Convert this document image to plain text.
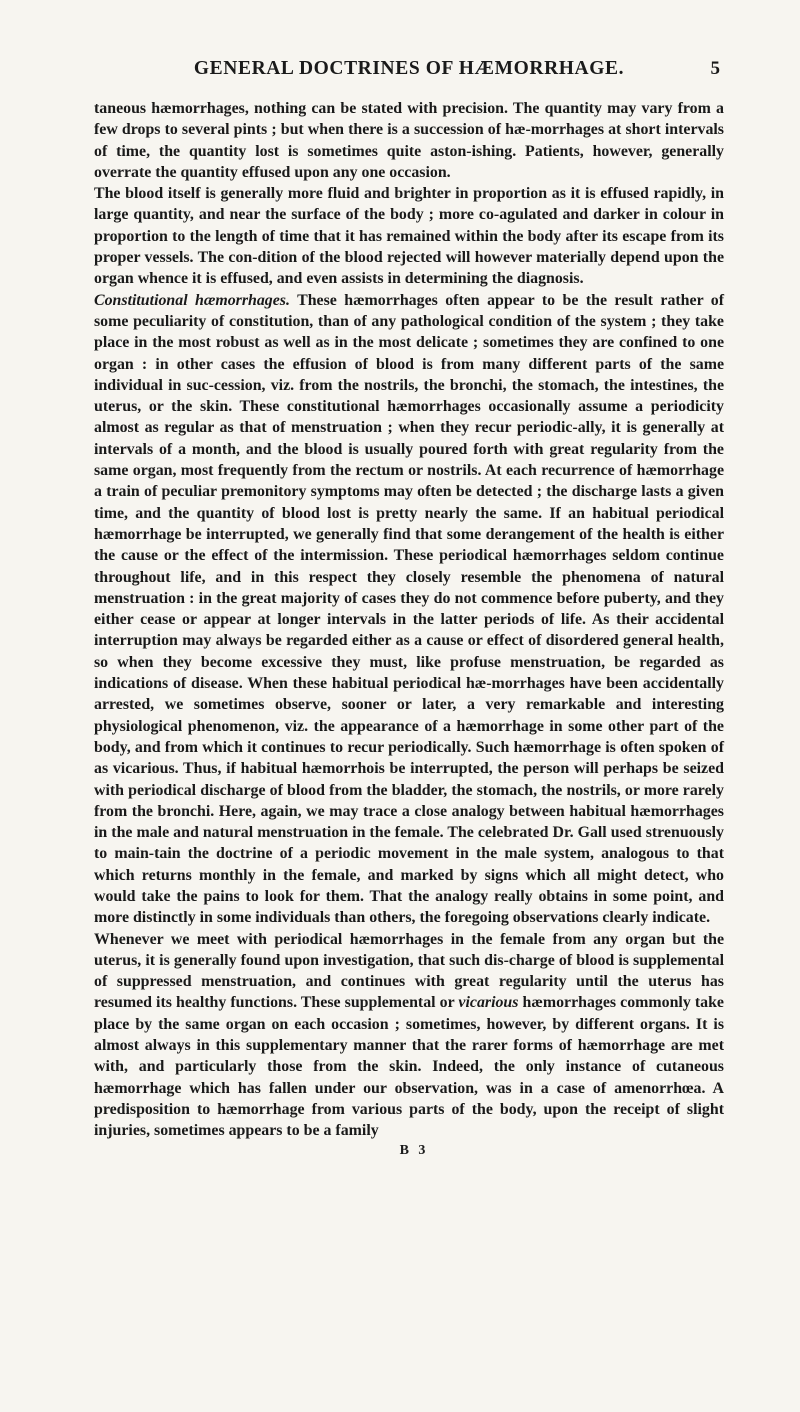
GENERAL DOCTRINES OF HÆMORRHAGE.	5

taneous hæmorrhages, nothing can be stated with precision. The quantity may vary from a few drops to several pints ; but when there is a succession of hæ-morrhages at short intervals of time, the quantity lost is sometimes quite aston-ishing. Patients, however, generally overrate the quantity effused upon any one occasion.

The blood itself is generally more fluid and brighter in proportion as it is effused rapidly, in large quantity, and near the surface of the body ; more co-agulated and darker in colour in proportion to the length of time that it has remained within the body after its escape from its proper vessels. The con-dition of the blood rejected will however materially depend upon the organ whence it is effused, and even assists in determining the diagnosis.

Constitutional hæmorrhages. These hæmorrhages often appear to be the result rather of some peculiarity of constitution, than of any pathological condition of the system ; they take place in the most robust as well as in the most delicate ; sometimes they are confined to one organ : in other cases the effusion of blood is from many different parts of the same individual in suc-cession, viz. from the nostrils, the bronchi, the stomach, the intestines, the uterus, or the skin. These constitutional hæmorrhages occasionally assume a periodicity almost as regular as that of menstruation ; when they recur periodic-ally, it is generally at intervals of a month, and the blood is usually poured forth with great regularity from the same organ, most frequently from the rectum or nostrils. At each recurrence of hæmorrhage a train of peculiar premonitory symptoms may often be detected ; the discharge lasts a given time, and the quantity of blood lost is pretty nearly the same. If an habitual periodical hæmorrhage be interrupted, we generally find that some derangement of the health is either the cause or the effect of the intermission. These periodical hæmorrhages seldom continue throughout life, and in this respect they closely resemble the phenomena of natural menstruation : in the great majority of cases they do not commence before puberty, and they either cease or appear at longer intervals in the latter periods of life. As their accidental interruption may always be regarded either as a cause or effect of disordered general health, so when they become excessive they must, like profuse menstruation, be regarded as indications of disease. When these habitual periodical hæ-morrhages have been accidentally arrested, we sometimes observe, sooner or later, a very remarkable and interesting physiological phenomenon, viz. the appearance of a hæmorrhage in some other part of the body, and from which it continues to recur periodically. Such hæmorrhage is often spoken of as vicarious. Thus, if habitual hæmorrhois be interrupted, the person will perhaps be seized with periodical discharge of blood from the bladder, the stomach, the nostrils, or more rarely from the bronchi. Here, again, we may trace a close analogy between habitual hæmorrhages in the male and natural menstruation in the female. The celebrated Dr. Gall used strenuously to main-tain the doctrine of a periodic movement in the male system, analogous to that which returns monthly in the female, and marked by signs which all might detect, who would take the pains to look for them. That the analogy really obtains in some point, and more distinctly in some individuals than others, the foregoing observations clearly indicate.

Whenever we meet with periodical hæmorrhages in the female from any organ but the uterus, it is generally found upon investigation, that such dis-charge of blood is supplemental of suppressed menstruation, and continues with great regularity until the uterus has resumed its healthy functions. These supplemental or vicarious hæmorrhages commonly take place by the same organ on each occasion ; sometimes, however, by different organs. It is almost always in this supplementary manner that the rarer forms of hæmorrhage are met with, and particularly those from the skin. Indeed, the only instance of cutaneous hæmorrhage which has fallen under our observation, was in a case of amenorrhœa. A predisposition to hæmorrhage from various parts of the body, upon the receipt of slight injuries, sometimes appears to be a family

B 3
